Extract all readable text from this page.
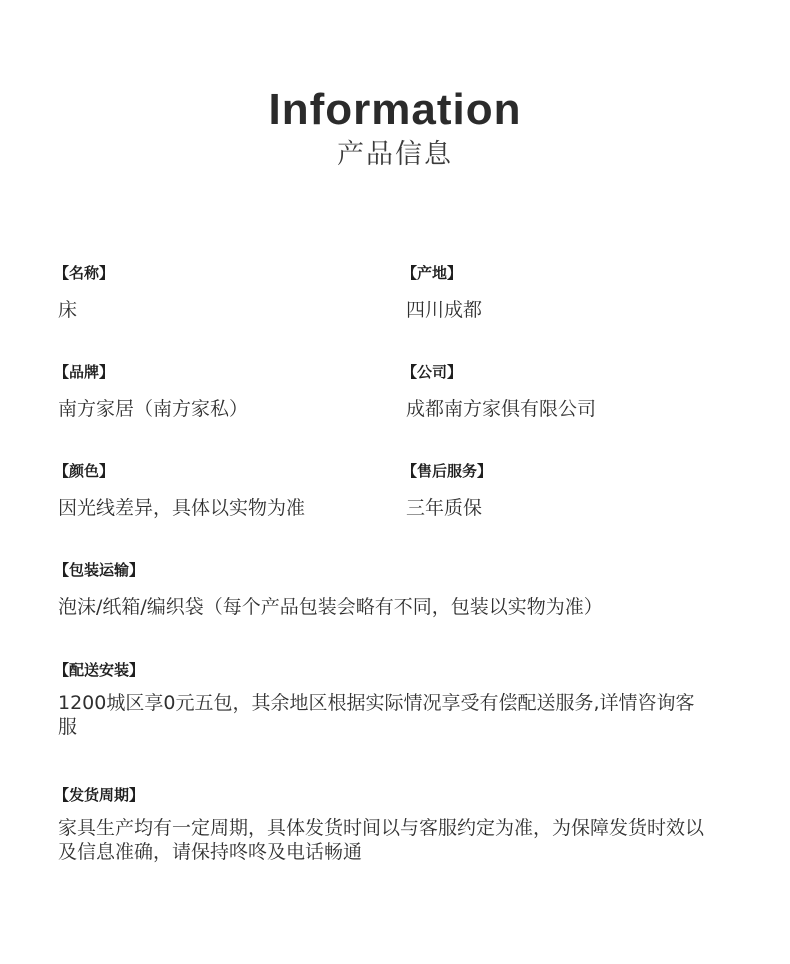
Information
产品信息
【名称】
床
【产地】
四川成都
【品牌】
南方家居（南方家私）
【公司】
成都南方家俱有限公司
【颜色】
因光线差异，具体以实物为准
【售后服务】
三年质保
【包装运输】
泡沫/纸箱/编织袋（每个产品包装会略有不同，包装以实物为准）
【配送安装】
1200城区享0元五包，其余地区根据实际情况享受有偿配送服务,详情咨询客服
【发货周期】
家具生产均有一定周期，具体发货时间以与客服约定为准，为保障发货时效以及信息准确，请保持咚咚及电话畅通
